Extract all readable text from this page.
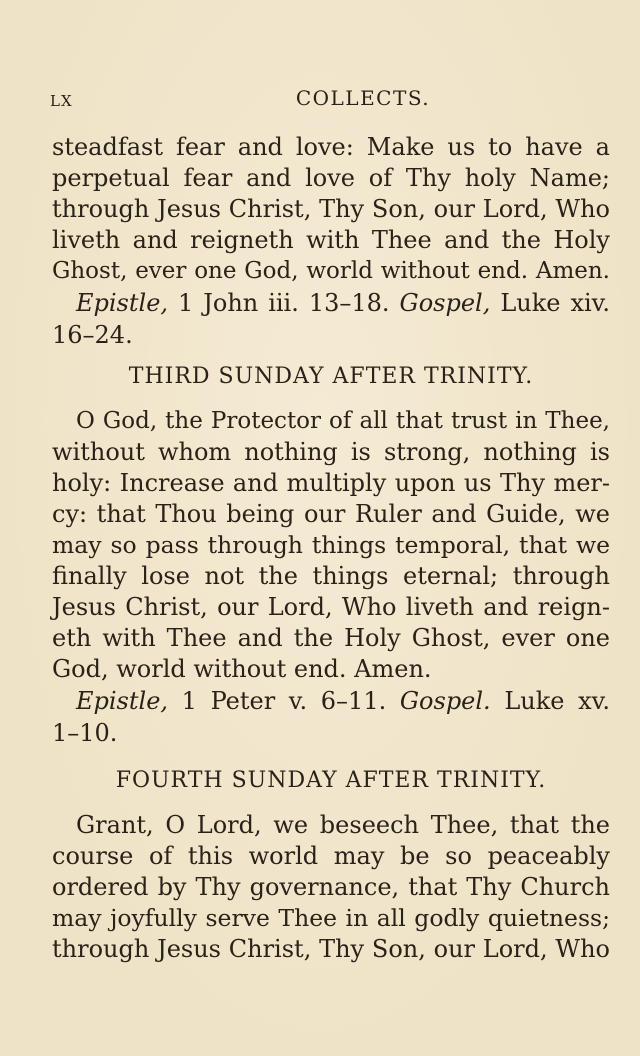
LX	COLLECTS.
steadfast fear and love: Make us to have a
perpetual fear and love of Thy holy Name;
through Jesus Christ, Thy Son, our Lord, Who
liveth and reigneth with Thee and the Holy
Ghost, ever one God, world without end. Amen.
Epistle, 1 John iii. 13–18. Gospel, Luke xiv.
16–24.
THIRD SUNDAY AFTER TRINITY.
O God, the Protector of all that trust in Thee,
without whom nothing is strong, nothing is
holy: Increase and multiply upon us Thy mer-
cy: that Thou being our Ruler and Guide, we
may so pass through things temporal, that we
finally lose not the things eternal; through
Jesus Christ, our Lord, Who liveth and reign-
eth with Thee and the Holy Ghost, ever one
God, world without end. Amen.
Epistle, 1 Peter v. 6–11. Gospel. Luke xv.
1–10.
FOURTH SUNDAY AFTER TRINITY.
Grant, O Lord, we beseech Thee, that the
course of this world may be so peaceably
ordered by Thy governance, that Thy Church
may joyfully serve Thee in all godly quietness;
through Jesus Christ, Thy Son, our Lord, Who
